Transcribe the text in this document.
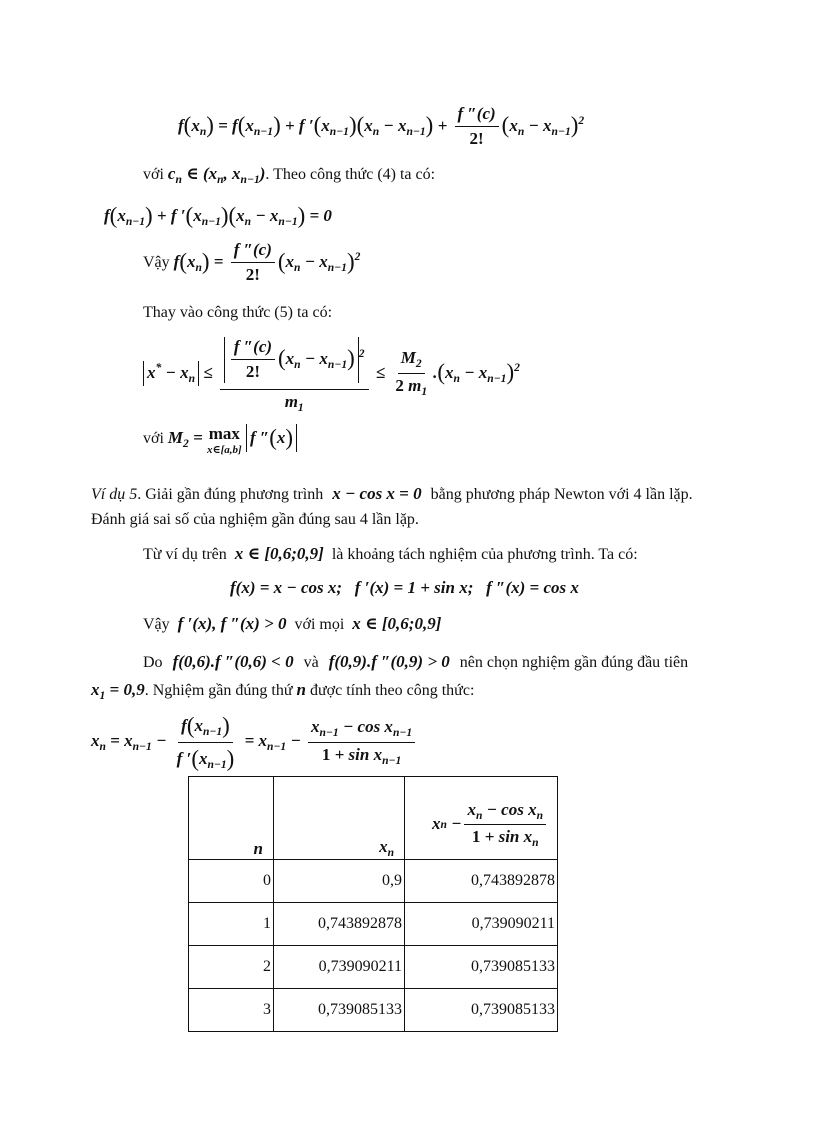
$f(x_n) = f(x_{n-1}) + f$ $'(x_{n-1})(x_n - x_{n-1}) + \frac{f ''(c)}{2!} (x_n - x_{n-1})^2$
với $c_n$ ∈ ($x_n$, $x_{n-1}$). Theo công thức (4) ta có:
$f(x_{n-1}) + f$ $'(x_{n-1})(x_n - x_{n-1}) = 0$
Vậy $f(x_n) = \frac{f ''(c)}{2!} (x_n - x_{n-1})^2$
Thay vào công thức (5) ta có:
$x^* - x_n \le \frac{\frac{f ''(c)}{2!} (x_n - x_{n-1}) ^2}{m_1} \le \frac{M_2}{2 m_1} .(x_n - x_{n-1})^2$
với $M_2 = \max$
x∈[a,b]
f ″(x)
Ví dụ 5. Giải gần đúng phương trình x − cos x = 0 bằng phương pháp Newton với 4 lần lặp.
Đánh giá sai số của nghiệm gần đúng sau 4 lần lặp.
Từ ví dụ trên x ∈ [0,6;0,9] là khoảng tách nghiệm của phương trình. Ta có:
f(x) = x − cos x; f ′(x) = 1 + sin x; f ″(x) = cos x
Vậy f ′(x), f ″(x) > 0 với mọi x ∈ [0,6;0,9]
Do f(0,6).f ″(0,6) < 0 và f(0,9).f ″(0,9) > 0 nên chọn nghiệm gần đúng đầu tiên
$x_1 = 0,9$. Nghiệm gần đúng thứ n được tính theo công thức:
$x_n = x_{n-1} - \frac{f(x_{n-1})}{f '(x_{n-1})} = x_{n-1} - \frac{x_{n-1} - \cos x_{n-1}}{1 + \sin x_{n-1}}$
n	$x_n$	x $n - \frac{x_n - \cos x_n}{1 + \sin x_n}$

0	0,9	0,743892878
1	0,743892878	0,739090211
2	0,739090211	0,739085133
3	0,739085133	0,739085133
